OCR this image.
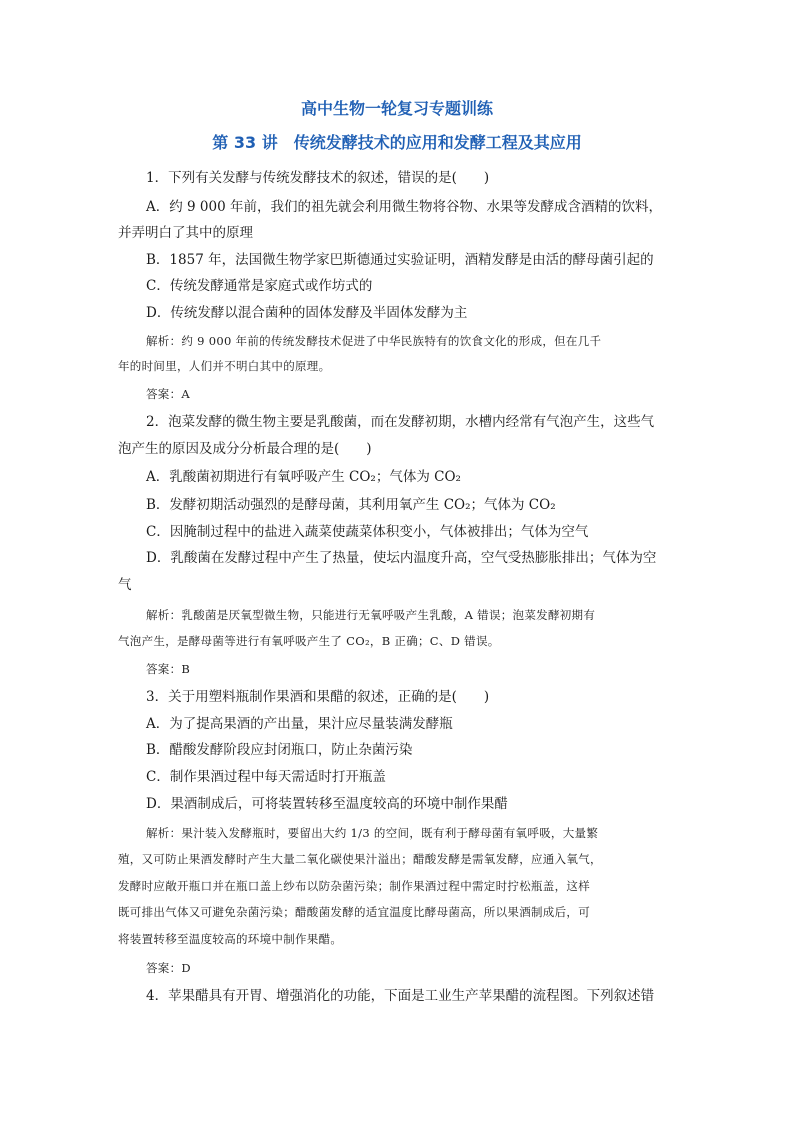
高中生物一轮复习专题训练
第 33 讲　传统发酵技术的应用和发酵工程及其应用
1．下列有关发酵与传统发酵技术的叙述，错误的是(　　)
A．约 9 000 年前，我们的祖先就会利用微生物将谷物、水果等发酵成含酒精的饮料，
并弄明白了其中的原理
B．1857 年，法国微生物学家巴斯德通过实验证明，酒精发酵是由活的酵母菌引起的
C．传统发酵通常是家庭式或作坊式的
D．传统发酵以混合菌种的固体发酵及半固体发酵为主
解析：约 9 000 年前的传统发酵技术促进了中华民族特有的饮食文化的形成，但在几千
年的时间里，人们并不明白其中的原理。
答案：A
2．泡菜发酵的微生物主要是乳酸菌，而在发酵初期，水槽内经常有气泡产生，这些气
泡产生的原因及成分分析最合理的是(　　)
A．乳酸菌初期进行有氧呼吸产生 CO₂；气体为 CO₂
B．发酵初期活动强烈的是酵母菌，其利用氧产生 CO₂；气体为 CO₂
C．因腌制过程中的盐进入蔬菜使蔬菜体积变小，气体被排出；气体为空气
D．乳酸菌在发酵过程中产生了热量，使坛内温度升高，空气受热膨胀排出；气体为空
气
解析：乳酸菌是厌氧型微生物，只能进行无氧呼吸产生乳酸，A 错误；泡菜发酵初期有
气泡产生，是酵母菌等进行有氧呼吸产生了 CO₂，B 正确；C、D 错误。
答案：B
3．关于用塑料瓶制作果酒和果醋的叙述，正确的是(　　)
A．为了提高果酒的产出量，果汁应尽量装满发酵瓶
B．醋酸发酵阶段应封闭瓶口，防止杂菌污染
C．制作果酒过程中每天需适时打开瓶盖
D．果酒制成后，可将装置转移至温度较高的环境中制作果醋
解析：果汁装入发酵瓶时，要留出大约 1/3 的空间，既有利于酵母菌有氧呼吸，大量繁
殖，又可防止果酒发酵时产生大量二氧化碳使果汁溢出；醋酸发酵是需氧发酵，应通入氧气，
发酵时应敞开瓶口并在瓶口盖上纱布以防杂菌污染；制作果酒过程中需定时拧松瓶盖，这样
既可排出气体又可避免杂菌污染；醋酸菌发酵的适宜温度比酵母菌高，所以果酒制成后，可
将装置转移至温度较高的环境中制作果醋。
答案：D
4．苹果醋具有开胃、增强消化的功能，下面是工业生产苹果醋的流程图。下列叙述错
